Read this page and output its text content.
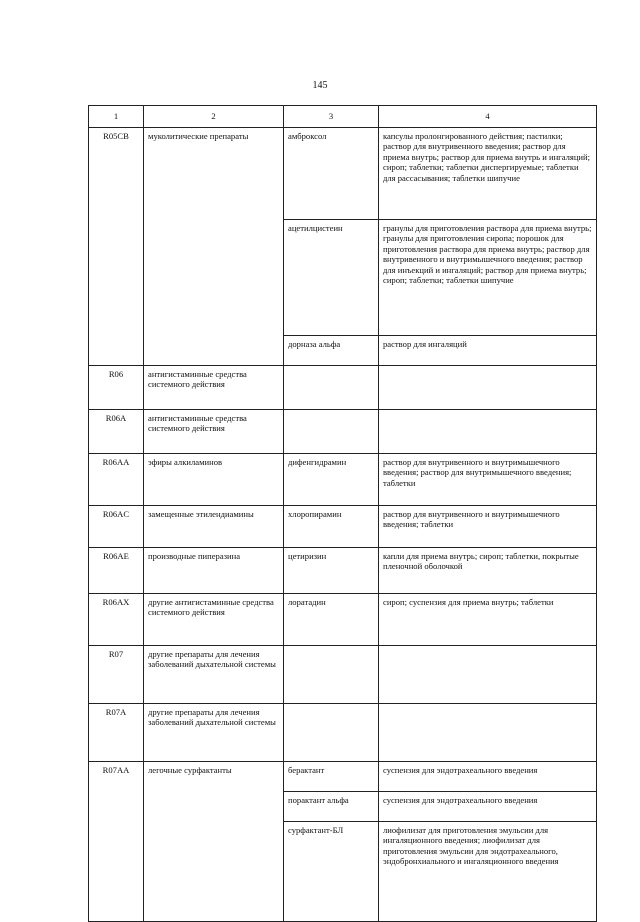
145
1	2	3	4
R05CB	муколитические препараты	амброксол	капсулы пролонгированного действия; пастилки; раствор для внутривенного введения; раствор для приема внутрь; раствор для приема внутрь и ингаляций; сироп; таблетки; таблетки диспергируемые; таблетки для рассасывания; таблетки шипучие
		ацетилцистеин	гранулы для приготовления раствора для приема внутрь; гранулы для приготовления сиропа; порошок для приготовления раствора для приема внутрь; раствор для внутривенного и внутримышечного введения; раствор для инъекций и ингаляций; раствор для приема внутрь; сироп; таблетки; таблетки шипучие
		дорназа альфа	раствор для ингаляций
R06	антигистаминные средства системного действия		
R06A	антигистаминные средства системного действия		
R06AA	эфиры алкиламинов	дифенгидрамин	раствор для внутривенного и внутримышечного введения; раствор для внутримышечного введения; таблетки
R06AC	замещенные этилендиамины	хлоропирамин	раствор для внутривенного и внутримышечного введения; таблетки
R06AE	производные пиперазина	цетиризин	капли для приема внутрь; сироп; таблетки, покрытые пленочной оболочкой
R06AX	другие антигистаминные средства системного действия	лоратадин	сироп; суспензия для приема внутрь; таблетки
R07	другие препараты для лечения заболеваний дыхательной системы		
R07A	другие препараты для лечения заболеваний дыхательной системы		
R07AA	легочные сурфактанты	берактант	суспензия для эндотрахеального введения
		порактант альфа	суспензия для эндотрахеального введения
		сурфактант-БЛ	лиофилизат для приготовления эмульсии для ингаляционного введения; лиофилизат для приготовления эмульсии для эндотрахеального, эндобронхиального и ингаляционного введения
